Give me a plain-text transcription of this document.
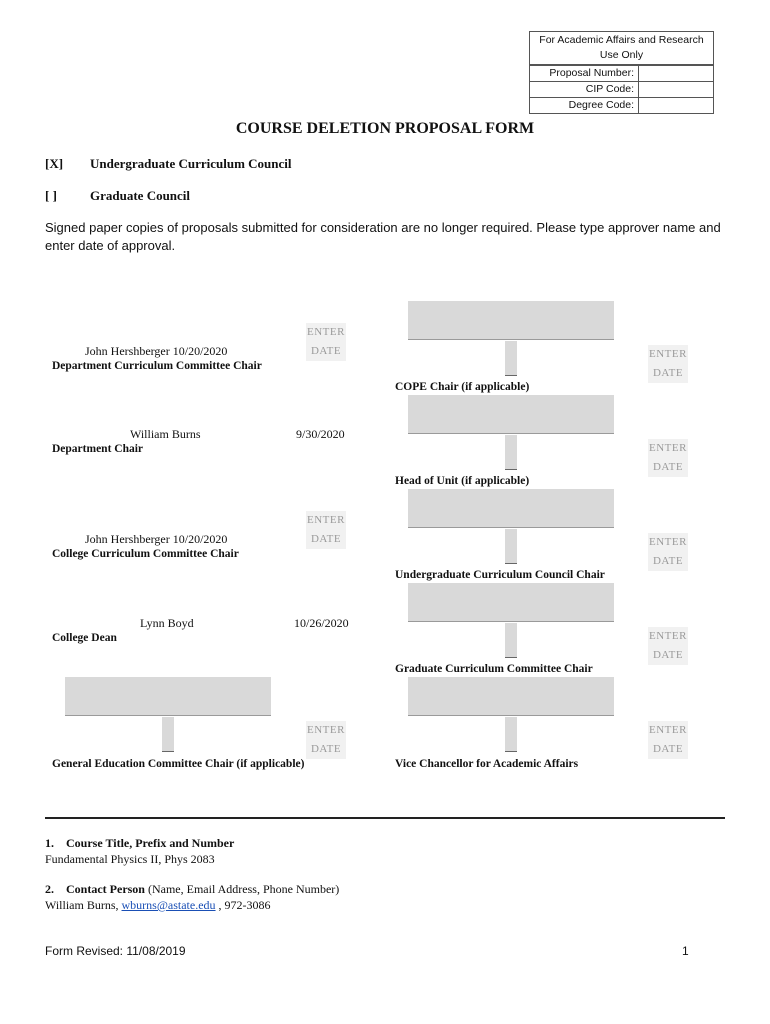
For Academic Affairs and Research Use Only
Proposal Number:
CIP Code:
Degree Code:
COURSE DELETION PROPOSAL FORM
[X] Undergraduate Curriculum Council
[ ]	Graduate Council
Signed paper copies of proposals submitted for consideration are no longer required. Please type approver name and enter date of approval.
John Hershberger 10/20/2020
ENTER DATE
Department Curriculum Committee Chair
William Burns	9/30/2020
Department Chair
John Hershberger 10/20/2020
ENTER DATE
College Curriculum Committee Chair
Lynn Boyd	10/26/2020
College Dean
ENTER DATE
General Education Committee Chair (if applicable)
ENTER DATE
COPE Chair (if applicable)
ENTER DATE
Head of Unit (if applicable)
ENTER DATE
Undergraduate Curriculum Council Chair
ENTER DATE
Graduate Curriculum Committee Chair
ENTER DATE
Vice Chancellor for Academic Affairs
1. Course Title, Prefix and Number
Fundamental Physics II, Phys 2083
2. Contact Person (Name, Email Address, Phone Number)
William Burns, wburns@astate.edu , 972-3086
Form Revised: 11/08/2019	1
